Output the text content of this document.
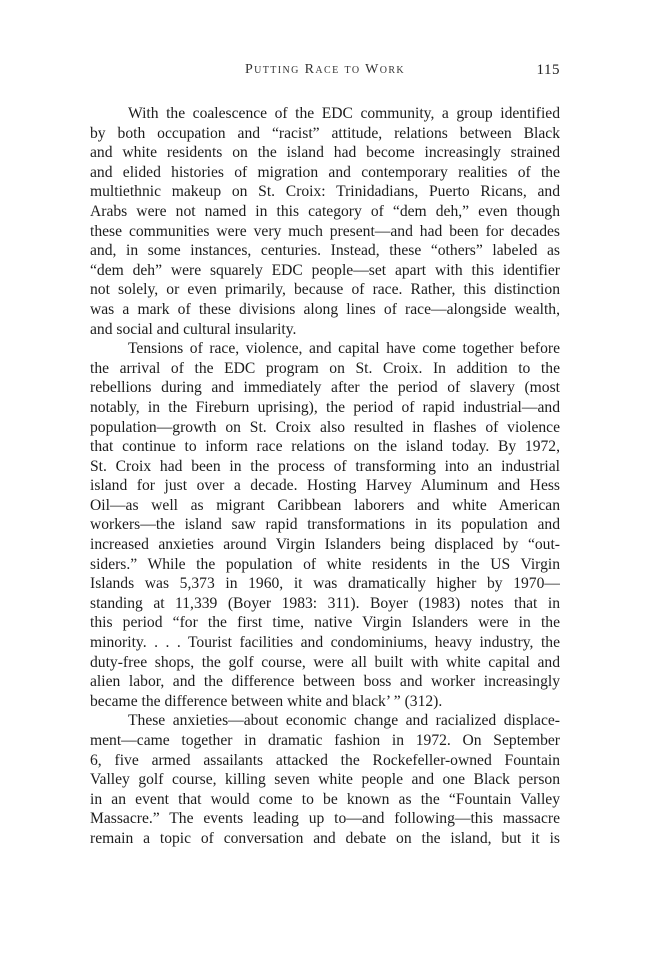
Putting Race to Work	115
With the coalescence of the EDC community, a group identified
by both occupation and “racist” attitude, relations between Black
and white residents on the island had become increasingly strained
and elided histories of migration and contemporary realities of the
multiethnic makeup on St. Croix: Trinidadians, Puerto Ricans, and
Arabs were not named in this category of “dem deh,” even though
these communities were very much present—and had been for decades
and, in some instances, centuries. Instead, these “others” labeled as
“dem deh” were squarely EDC people—set apart with this identifier
not solely, or even primarily, because of race. Rather, this distinction
was a mark of these divisions along lines of race—alongside wealth,
and social and cultural insularity.
Tensions of race, violence, and capital have come together before
the arrival of the EDC program on St. Croix. In addition to the
rebellions during and immediately after the period of slavery (most
notably, in the Fireburn uprising), the period of rapid industrial—and
population—growth on St. Croix also resulted in flashes of violence
that continue to inform race relations on the island today. By 1972,
St. Croix had been in the process of transforming into an industrial
island for just over a decade. Hosting Harvey Aluminum and Hess
Oil—as well as migrant Caribbean laborers and white American
workers—the island saw rapid transformations in its population and
increased anxieties around Virgin Islanders being displaced by “out-
siders.” While the population of white residents in the US Virgin
Islands was 5,373 in 1960, it was dramatically higher by 1970—
standing at 11,339 (Boyer 1983: 311). Boyer (1983) notes that in
this period “for the first time, native Virgin Islanders were in the
minority. . . . Tourist facilities and condominiums, heavy industry, the
duty-free shops, the golf course, were all built with white capital and
alien labor, and the difference between boss and worker increasingly
became the difference between white and black’ ” (312).
These anxieties—about economic change and racialized displace-
ment—came together in dramatic fashion in 1972. On September
6, five armed assailants attacked the Rockefeller-owned Fountain
Valley golf course, killing seven white people and one Black person
in an event that would come to be known as the “Fountain Valley
Massacre.” The events leading up to—and following—this massacre
remain a topic of conversation and debate on the island, but it is
